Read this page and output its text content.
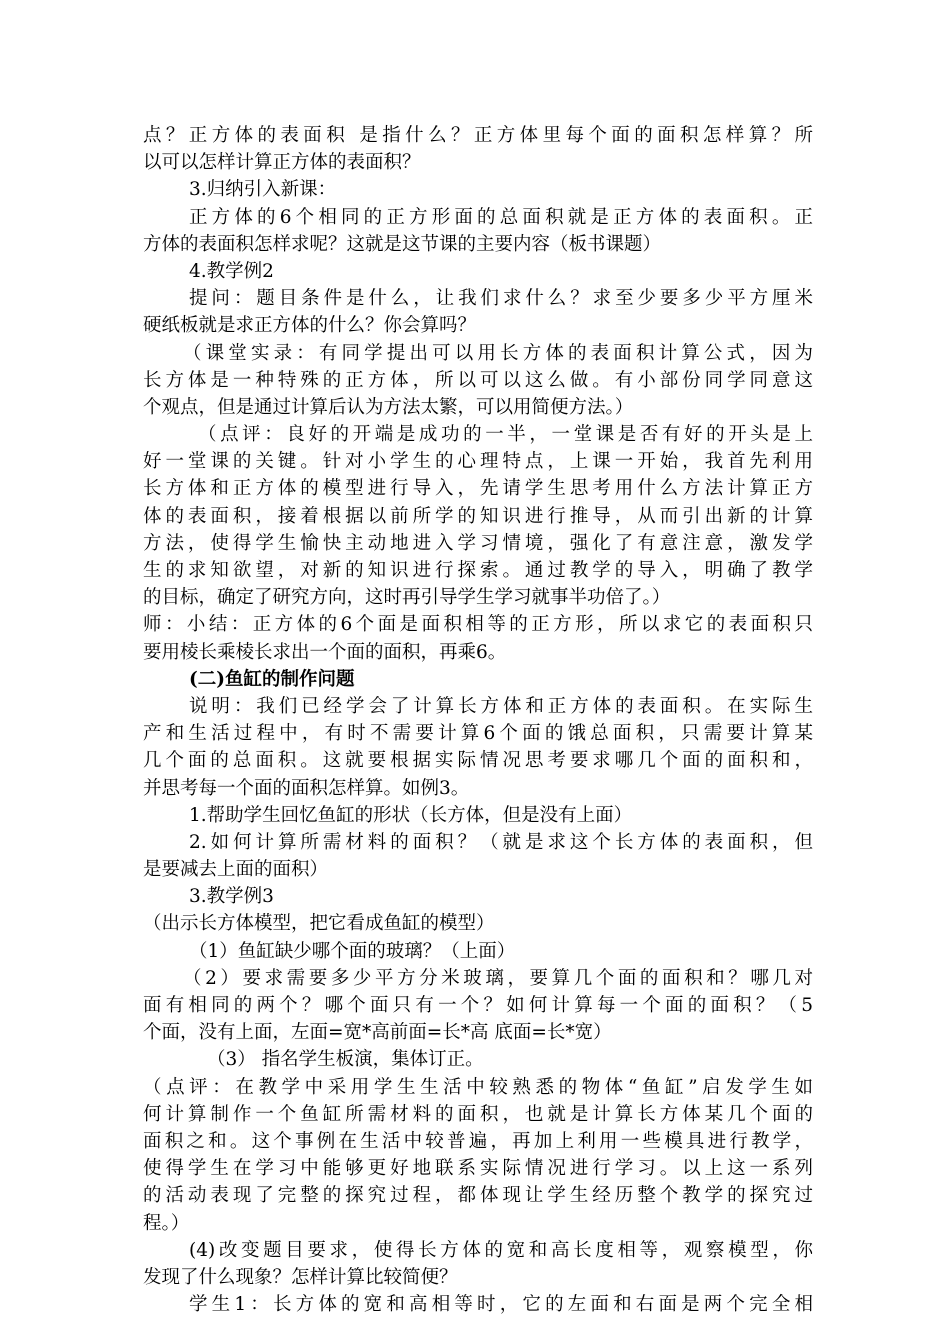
点？正方体的表面积 是指什么？正方体里每个面的面积怎样算？所
以可以怎样计算正方体的表面积？
3.归纳引入新课：
正方体的6个相同的正方形面的总面积就是正方体的表面积。正
方体的表面积怎样求呢？这就是这节课的主要内容（板书课题）
4.教学例2
提问：题目条件是什么，让我们求什么？求至少要多少平方厘米
硬纸板就是求正方体的什么？你会算吗？
（课堂实录：有同学提出可以用长方体的表面积计算公式，因为
长方体是一种特殊的正方体，所以可以这么做。有小部份同学同意这
个观点，但是通过计算后认为方法太繁，可以用简便方法。）
（点评：良好的开端是成功的一半，一堂课是否有好的开头是上
好一堂课的关键。针对小学生的心理特点，上课一开始，我首先利用
长方体和正方体的模型进行导入，先请学生思考用什么方法计算正方
体的表面积，接着根据以前所学的知识进行推导，从而引出新的计算
方法，使得学生愉快主动地进入学习情境，强化了有意注意，激发学
生的求知欲望，对新的知识进行探索。通过教学的导入，明确了教学
的目标，确定了研究方向，这时再引导学生学习就事半功倍了。）
师：小结：正方体的6个面是面积相等的正方形，所以求它的表面积只
要用棱长乘棱长求出一个面的面积，再乘6。
(二)鱼缸的制作问题
说明：我们已经学会了计算长方体和正方体的表面积。在实际生
产和生活过程中，有时不需要计算6个面的饿总面积，只需要计算某
几个面的总面积。这就要根据实际情况思考要求哪几个面的面积和，
并思考每一个面的面积怎样算。如例3。
1.帮助学生回忆鱼缸的形状（长方体，但是没有上面）
2.如何计算所需材料的面积？（就是求这个长方体的表面积，但
是要减去上面的面积）
3.教学例3
（出示长方体模型，把它看成鱼缸的模型）
（1）鱼缸缺少哪个面的玻璃？（上面）
（2）要求需要多少平方分米玻璃，要算几个面的面积和？哪几对
面有相同的两个？哪个面只有一个？如何计算每一个面的面积？（5
个面，没有上面，左面=宽*高前面=长*高 底面=长*宽）
（3） 指名学生板演，集体订正。
（点评：在教学中采用学生生活中较熟悉的物体“鱼缸”启发学生如
何计算制作一个鱼缸所需材料的面积，也就是计算长方体某几个面的
面积之和。这个事例在生活中较普遍，再加上利用一些模具进行教学，
使得学生在学习中能够更好地联系实际情况进行学习。以上这一系列
的活动表现了完整的探究过程，都体现让学生经历整个教学的探究过
程。）
(4)改变题目要求，使得长方体的宽和高长度相等，观察模型，你
发现了什么现象？怎样计算比较简便？
学生1：长方体的宽和高相等时，它的左面和右面是两个完全相
